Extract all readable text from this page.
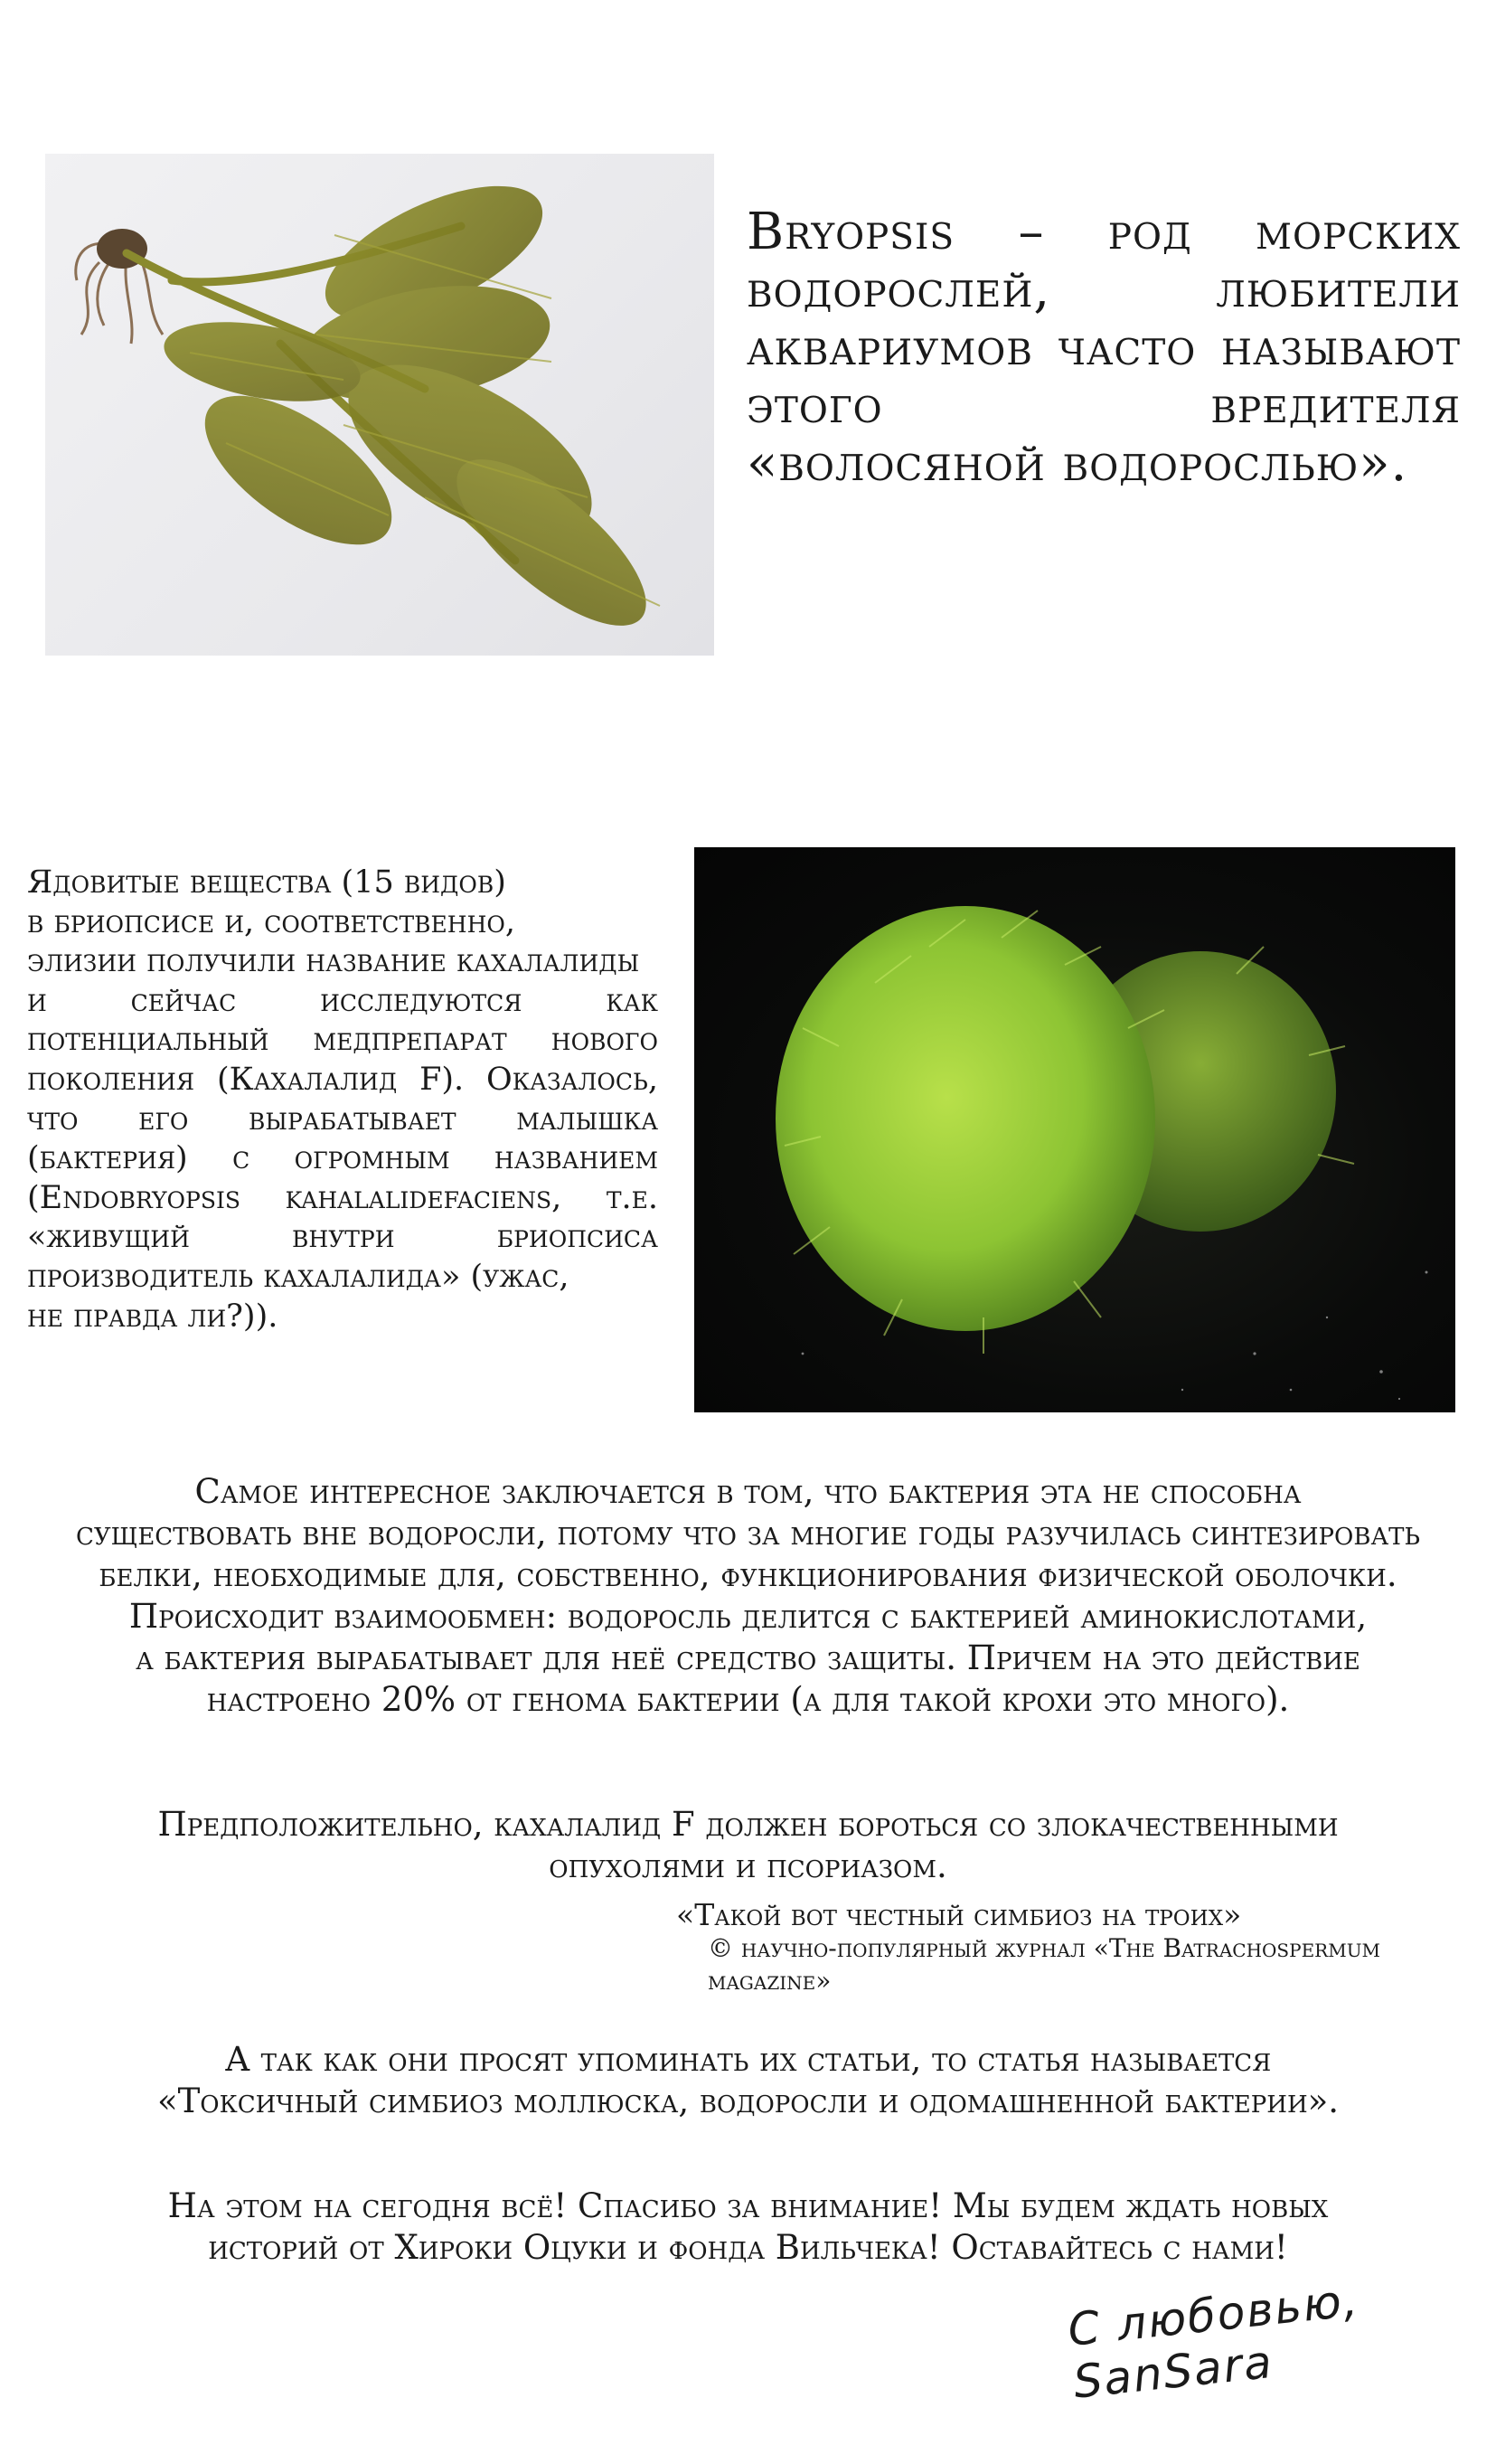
Bryopsis – род морских водорослей, любители аквариумов часто называют этого вредителя «волосяной водорослью».
Ядовитые вещества (15 видов)
в бриопсисе и, соответственно,
элизии получили название кахалалиды
и сейчас исследуются как
потенциальный медпрепарат нового
поколения (Кахалалид F). Оказалось,
что его вырабатывает малышка
(бактерия) с огромным названием
(Endobryopsis kahalalidefaciens, т.е.
«живущий внутри бриопсиса
производитель кахалалида» (ужас,
не правда ли?)).
Самое интересное заключается в том, что бактерия эта не способна
существовать вне водоросли, потому что за многие годы разучилась синтезировать
белки, необходимые для, собственно, функционирования физической оболочки.
Происходит взаимообмен: водоросль делится с бактерией аминокислотами,
а бактерия вырабатывает для неё средство защиты. Причем на это действие
настроено 20% от генома бактерии (а для такой крохи это много).
Предположительно, кахалалид F должен бороться со злокачественными
опухолями и псориазом.
«Такой вот честный симбиоз на троих»
© научно-популярный журнал «The Batrachospermum magazine»
А так как они просят упоминать их статьи, то статья называется
«Токсичный симбиоз моллюска, водоросли и одомашненной бактерии».
На этом на сегодня всё! Спасибо за внимание! Мы будем ждать новых
историй от Хироки Оцуки и фонда Вильчека! Оставайтесь с нами!
С любовью, SanSara
